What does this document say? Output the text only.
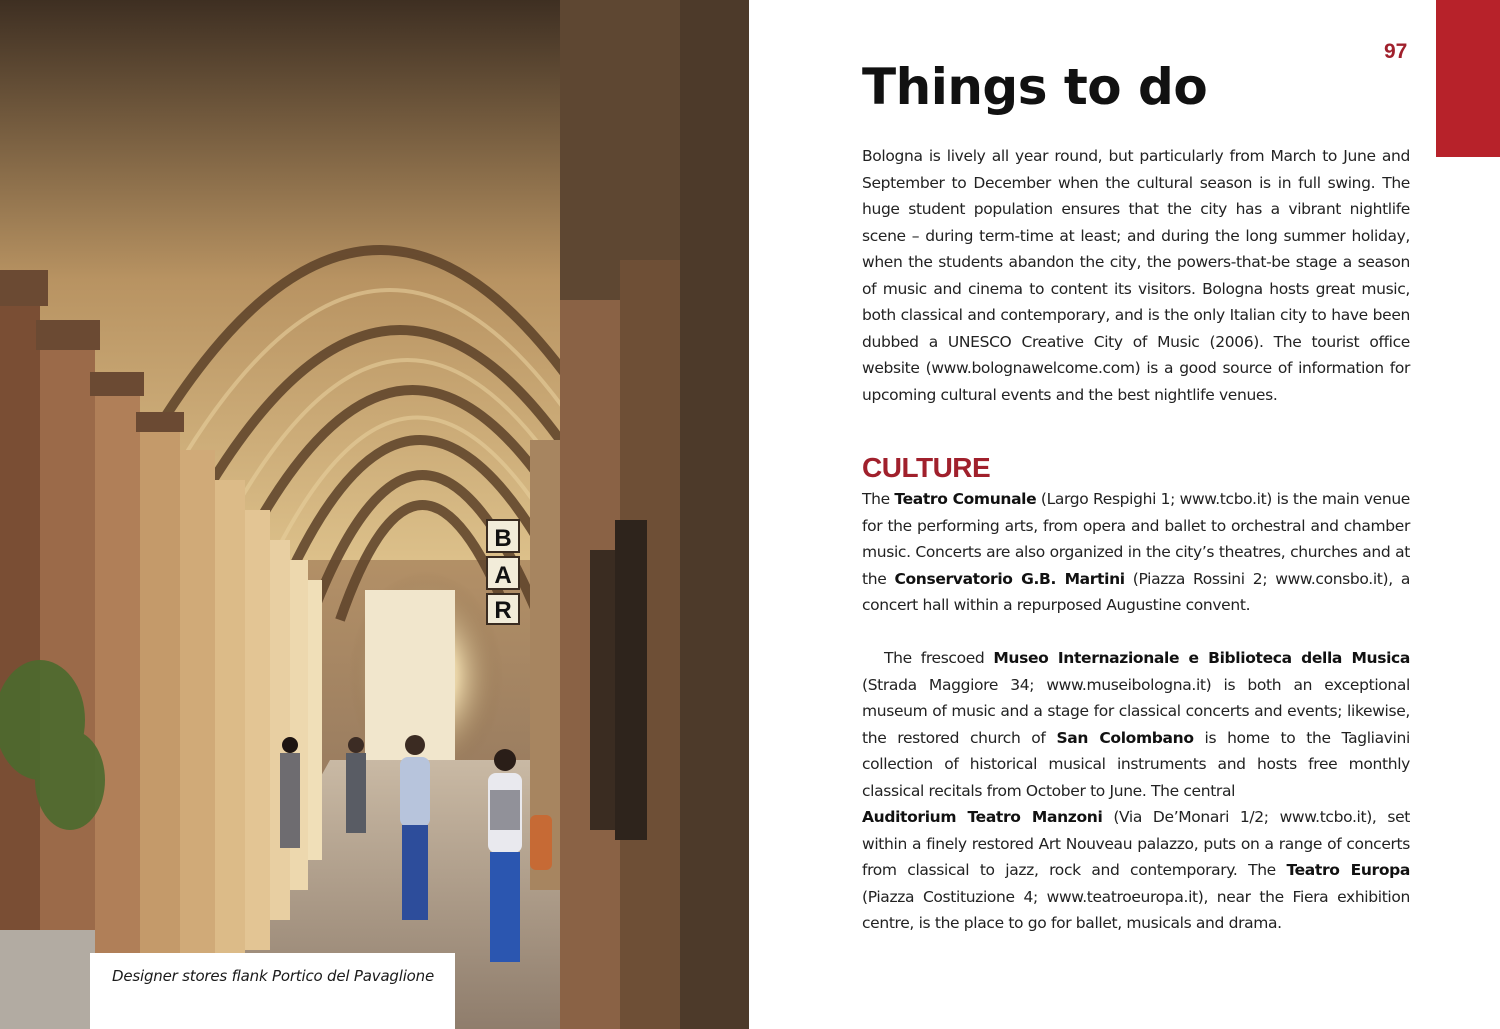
B
A
R
Designer stores flank Portico del Pavaglione
97
Things to do

Bologna is lively all year round, but particularly from March to June and September to December when the cultural season is in full swing. The huge student population ensures that the city has a vibrant nightlife scene – during term-time at least; and during the long summer holiday, when the students abandon the city, the powers-that-be stage a season of music and cinema to content its visitors. Bologna hosts great music, both classical and contemporary, and is the only Italian city to have been dubbed a UNESCO Creative City of Music (2006). The tourist office website (www.bolognawelcome.com) is a good source of information for upcoming cultural events and the best nightlife venues.

CULTURE

The Teatro Comunale (Largo Respighi 1; www.tcbo.it) is the main venue for the performing arts, from opera and ballet to orchestral and chamber music. Concerts are also organized in the city’s theatres, churches and at the Conservatorio G.B. Martini (Piazza Rossini 2; www.consbo.it), a concert hall within a repurposed Augustine convent.

The frescoed Museo Internazionale e Biblioteca della Musica (Strada Maggiore 34; www.museibologna.it) is both an exceptional museum of music and a stage for classical concerts and events; likewise, the restored church of San Colombano is home to the Tagliavini collection of historical musical instruments and hosts free monthly classical recitals from October to June. The central

Auditorium Teatro Manzoni (Via De’Monari 1/2; www.tcbo.it), set within a finely restored Art Nouveau palazzo, puts on a range of concerts from classical to jazz, rock and contemporary. The Teatro Europa (Piazza Costituzione 4; www.teatroeuropa.it), near the Fiera exhibition centre, is the place to go for ballet, musicals and drama.
